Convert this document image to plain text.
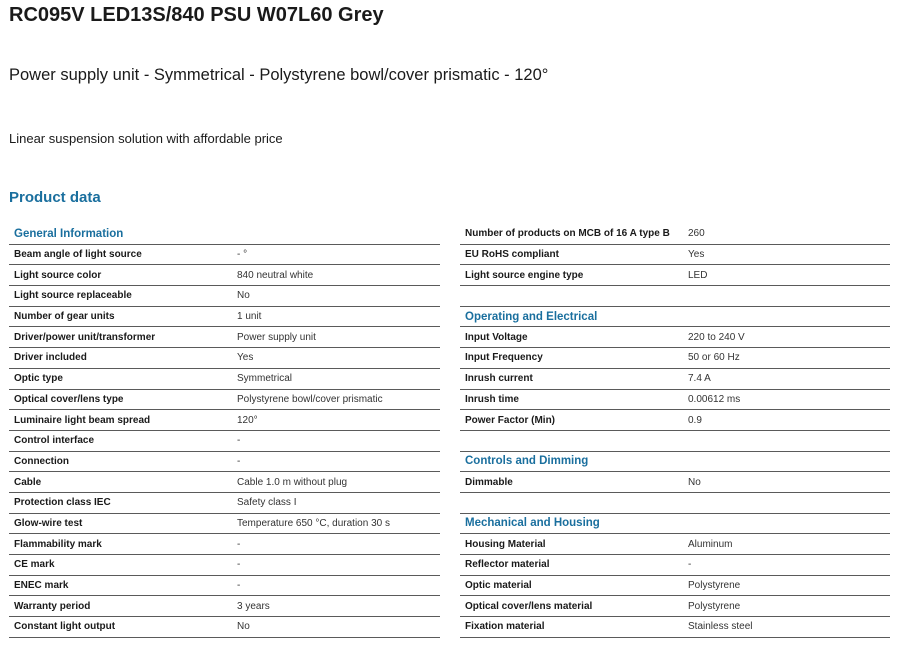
RC095V LED13S/840 PSU W07L60 Grey
Power supply unit - Symmetrical - Polystyrene bowl/cover prismatic - 120°
Linear suspension solution with affordable price
Product data
General Information
Beam angle of light source	- °
Light source color	840 neutral white
Light source replaceable	No
Number of gear units	1 unit
Driver/power unit/transformer	Power supply unit
Driver included	Yes
Optic type	Symmetrical
Optical cover/lens type	Polystyrene bowl/cover prismatic
Luminaire light beam spread	120°
Control interface	-
Connection	-
Cable	Cable 1.0 m without plug
Protection class IEC	Safety class I
Glow-wire test	Temperature 650 °C, duration 30 s
Flammability mark	-
CE mark	-
ENEC mark	-
Warranty period	3 years
Constant light output	No
Number of products on MCB of 16 A type B	260
EU RoHS compliant	Yes
Light source engine type	LED
Operating and Electrical
Input Voltage	220 to 240 V
Input Frequency	50 or 60 Hz
Inrush current	7.4 A
Inrush time	0.00612 ms
Power Factor (Min)	0.9
Controls and Dimming
Dimmable	No
Mechanical and Housing
Housing Material	Aluminum
Reflector material	-
Optic material	Polystyrene
Optical cover/lens material	Polystyrene
Fixation material	Stainless steel
